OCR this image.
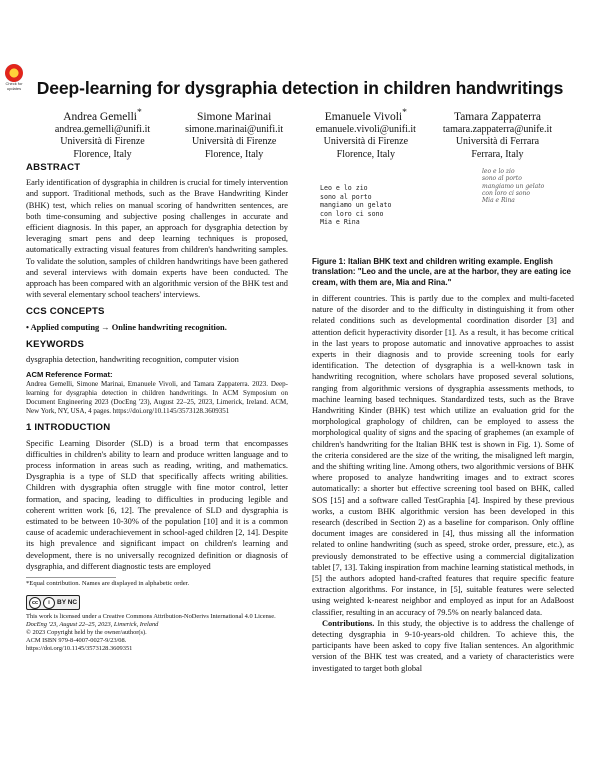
Check for updates Deep-learning for dysgraphia detection in children handwritings
Andrea Gemelli*
andrea.gemelli@unifi.it
Università di Firenze
Florence, Italy
Simone Marinai
simone.marinai@unifi.it
Università di Firenze
Florence, Italy
Emanuele Vivoli*
emanuele.vivoli@unifi.it
Università di Firenze
Florence, Italy
Tamara Zappaterra
tamara.zappaterra@unife.it
Università di Ferrara
Ferrara, Italy
ABSTRACT

Early identification of dysgraphia in children is crucial for timely intervention and support. Traditional methods, such as the Brave Handwriting Kinder (BHK) test, which relies on manual scoring of handwritten sentences, are both time-consuming and subjective posing challenges in accurate and efficient diagnosis. In this paper, an approach for dysgraphia detection by leveraging smart pens and deep learning techniques is proposed, automatically extracting visual features from children's handwriting samples. To validate the solution, samples of children handwritings have been gathered and several interviews with domain experts have been conducted. The approach has been compared with an algorithmic version of the BHK test and with several elementary school teachers' interviews.

CCS CONCEPTS

• Applied computing → Online handwriting recognition.

KEYWORDS

dysgraphia detection, handwriting recognition, computer vision

ACM Reference Format:

Andrea Gemelli, Simone Marinai, Emanuele Vivoli, and Tamara Zappaterra. 2023. Deep-learning for dysgraphia detection in children handwritings. In ACM Symposium on Document Engineering 2023 (DocEng '23), August 22–25, 2023, Limerick, Ireland. ACM, New York, NY, USA, 4 pages. https://doi.org/10.1145/3573128.3609351

1 INTRODUCTION

Specific Learning Disorder (SLD) is a broad term that encompasses difficulties in children's ability to learn and produce written language and to process information in areas such as reading, writing, and mathematics. Dysgraphia is a type of SLD that specifically affects writing abilities. Children with dysgraphia often struggle with fine motor control, letter formation, and spacing, leading to difficulties in producing legible and coherent written work [6, 12]. The prevalence of SLD and dysgraphia is estimated to be between 10-30% of the population [10] and it is a common cause of academic underachievement in school-aged children [2, 14]. Despite its high prevalence and significant impact on children's learning and development, there is no universally recognized definition or diagnosis of dysgraphia, and different diagnostic tests are employed

*Equal contribution. Names are displayed in alphabetic order.
cc	i	BY NC
This work is licensed under a Creative Commons Attribution-NoDerivs International 4.0 License.
DocEng '23, August 22–25, 2023, Limerick, Ireland
© 2023 Copyright held by the owner/author(s).
ACM ISBN 979-8-4007-0027-9/23/08.
https://doi.org/10.1145/3573128.3609351
Leo e lo zio
sono al porto
mangiamo un gelato
con loro ci sono
Mia e Rina
leo e lo zio
sono al porto
mangiamo un gelato
con loro ci sono
Mia e Rina
Figure 1: Italian BHK text and children writing example. English translation: "Leo and the uncle, are at the harbor, they are eating ice cream, with them are, Mia and Rina."

in different countries. This is partly due to the complex and multi-faceted nature of the disorder and to the difficulty in distinguishing it from other related conditions such as developmental coordination disorder [3] and attention deficit hyperactivity disorder [1]. As a result, it has become critical in the last years to propose automatic and innovative approaches to assist experts in their diagnosis and to provide screening tools for early identification. The detection of dysgraphia is a well-known task in handwriting recognition, where scholars have proposed several solutions, ranging from algorithmic versions of dysgraphia assessments methods, to machine learning based techniques. Standardized tests, such as the Brave Handwriting Kinder (BHK) test which utilize an evaluation grid for the morphological graphology of children, can be employed to assess the morphological quality of signs and the spacing of graphemes (an example of children's handwriting for the Italian BHK test is shown in Fig. 1). Some of the criteria considered are the size of the writing, the misaligned left margin, and the shifting writing line. Among others, two algorithmic versions of BHK where proposed to analyze handwriting images and to extract scores automatically: a shorter but effective screening tool based on BHK, called SOS [15] and a software called TestGraphia [4]. Inspired by these previous works, a custom BHK algorithmic version has been developed in this research (described in Section 2) as a baseline for comparison. Only offline document images are considered in [4], thus missing all the information related to online handwriting (such as speed, stroke order, pressure, etc.), as previously demonstrated to be effective using a commercial digitalization tablet [7, 13]. Taking inspiration from machine learning statistical methods, in [5] the authors adopted hand-crafted features that require specific feature extraction algorithms. For instance, in [5], suitable features were selected using weighted k-nearest neighbor and employed as input for an AdaBoost classifier, resulting in an accuracy of 79.5% on nearly balanced data.

Contributions. In this study, the objective is to address the challenge of detecting dysgraphia in 9-10-years-old children. To achieve this, the participants have been asked to copy five Italian sentences. An algorithmic version of the BHK test was created, and a variety of characteristics were investigated to target both global
